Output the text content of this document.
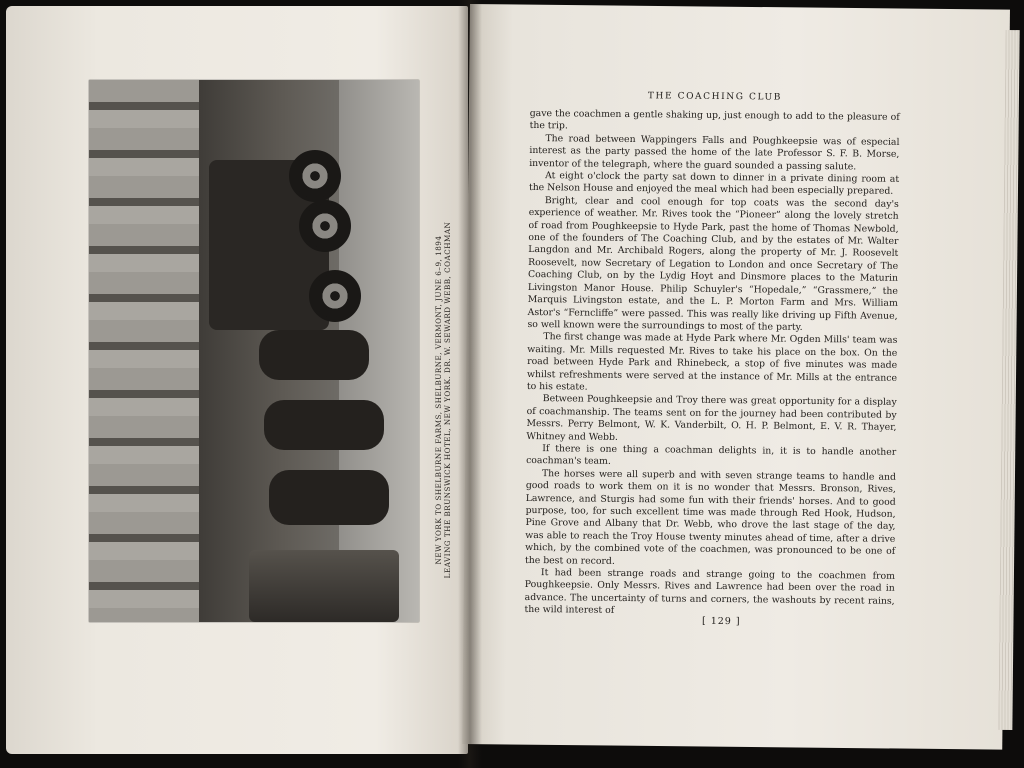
NEW YORK TO SHELBURNE FARMS, SHELBURNE, VERMONT, JUNE 6–9, 1894 LEAVING THE BRUNSWICK HOTEL, NEW YORK. DR. W. SEWARD WEBB, COACHMAN
THE COACHING CLUB

gave the coachmen a gentle shaking up, just enough to add to the pleasure of the trip.

The road between Wappingers Falls and Poughkeepsie was of especial interest as the party passed the home of the late Professor S. F. B. Morse, inventor of the telegraph, where the guard sounded a passing salute.

At eight o'clock the party sat down to dinner in a private dining room at the Nelson House and enjoyed the meal which had been especially prepared.

Bright, clear and cool enough for top coats was the second day's experience of weather. Mr. Rives took the “Pioneer” along the lovely stretch of road from Poughkeepsie to Hyde Park, past the home of Thomas Newbold, one of the founders of The Coaching Club, and by the estates of Mr. Walter Langdon and Mr. Archibald Rogers, along the property of Mr. J. Roosevelt Roosevelt, now Secretary of Legation to London and once Secretary of The Coaching Club, on by the Lydig Hoyt and Dinsmore places to the Maturin Livingston Manor House. Philip Schuyler's “Hopedale,” “Grassmere,” the Marquis Livingston estate, and the L. P. Morton Farm and Mrs. William Astor's “Ferncliffe” were passed. This was really like driving up Fifth Avenue, so well known were the surroundings to most of the party.

The first change was made at Hyde Park where Mr. Ogden Mills' team was waiting. Mr. Mills requested Mr. Rives to take his place on the box. On the road between Hyde Park and Rhinebeck, a stop of five minutes was made whilst refreshments were served at the instance of Mr. Mills at the entrance to his estate.

Between Poughkeepsie and Troy there was great opportunity for a display of coachmanship. The teams sent on for the journey had been contributed by Messrs. Perry Belmont, W. K. Vanderbilt, O. H. P. Belmont, E. V. R. Thayer, Whitney and Webb.

If there is one thing a coachman delights in, it is to handle another coachman's team.

The horses were all superb and with seven strange teams to handle and good roads to work them on it is no wonder that Messrs. Bronson, Rives, Lawrence, and Sturgis had some fun with their friends' horses. And to good purpose, too, for such excellent time was made through Red Hook, Hudson, Pine Grove and Albany that Dr. Webb, who drove the last stage of the day, was able to reach the Troy House twenty minutes ahead of time, after a drive which, by the combined vote of the coachmen, was pronounced to be one of the best on record.

It had been strange roads and strange going to the coachmen from Poughkeepsie. Only Messrs. Rives and Lawrence had been over the road in advance. The uncertainty of turns and corners, the washouts by recent rains, the wild interest of

[ 129 ]
